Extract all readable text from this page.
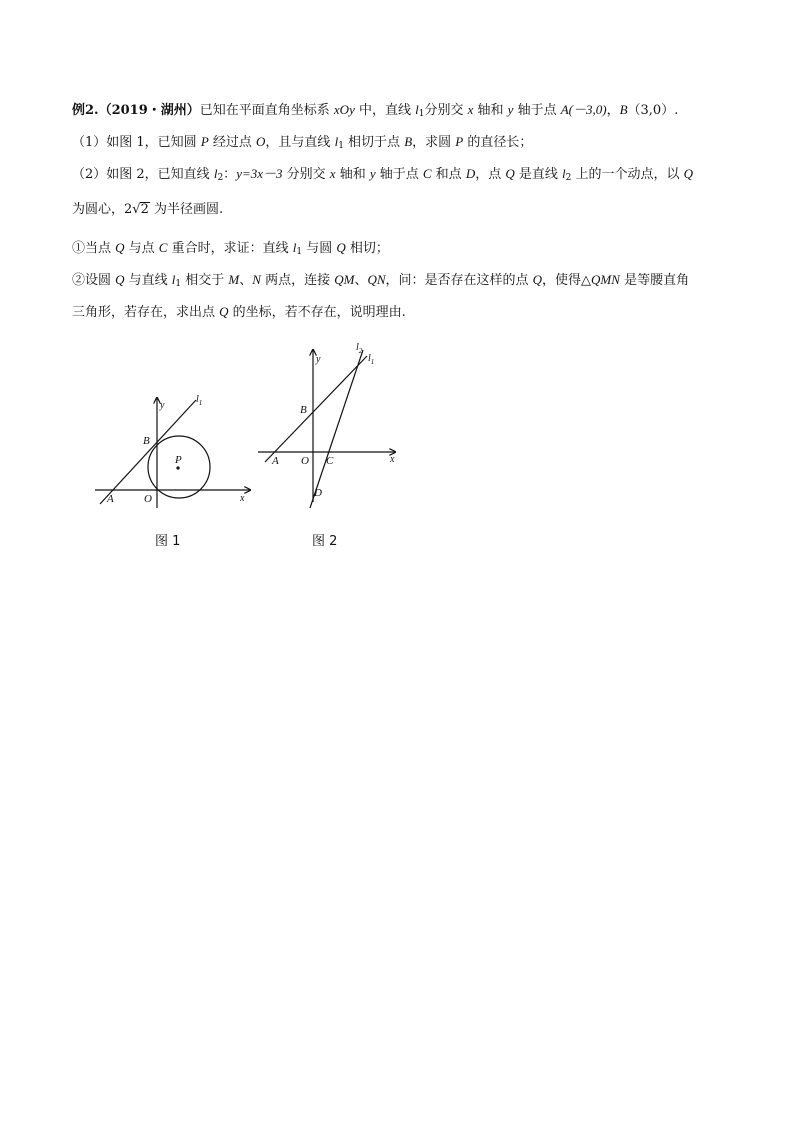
例2.（2019・湖州）已知在平面直角坐标系 xOy 中，直线 $l_1$分别交 x 轴和 y 轴于点 A(－3,0)，B（3,0）.
（1）如图 1，已知圆 P 经过点 O，且与直线 $l_1$ 相切于点 B，求圆 P 的直径长；
（2）如图 2，已知直线 $l_2$：y=3x－3 分别交 x 轴和 y 轴于点 C 和点 D，点 Q 是直线 $l_2$ 上的一个动点，以 Q
为圆心，2√2 为半径画圆.
①当点 Q 与点 C 重合时，求证：直线 $l_1$ 与圆 Q 相切；
②设圆 Q 与直线 $l_1$ 相交于 M、N 两点，连接 QM、QN，问：是否存在这样的点 Q，使得△QMN 是等腰直角
三角形，若存在，求出点 Q 的坐标，若不存在，说明理由.
y
$l_1$
B
P
A	O	x
图 1
y
$l_2$
$l_1$
B
A O C
D
x
图 2
